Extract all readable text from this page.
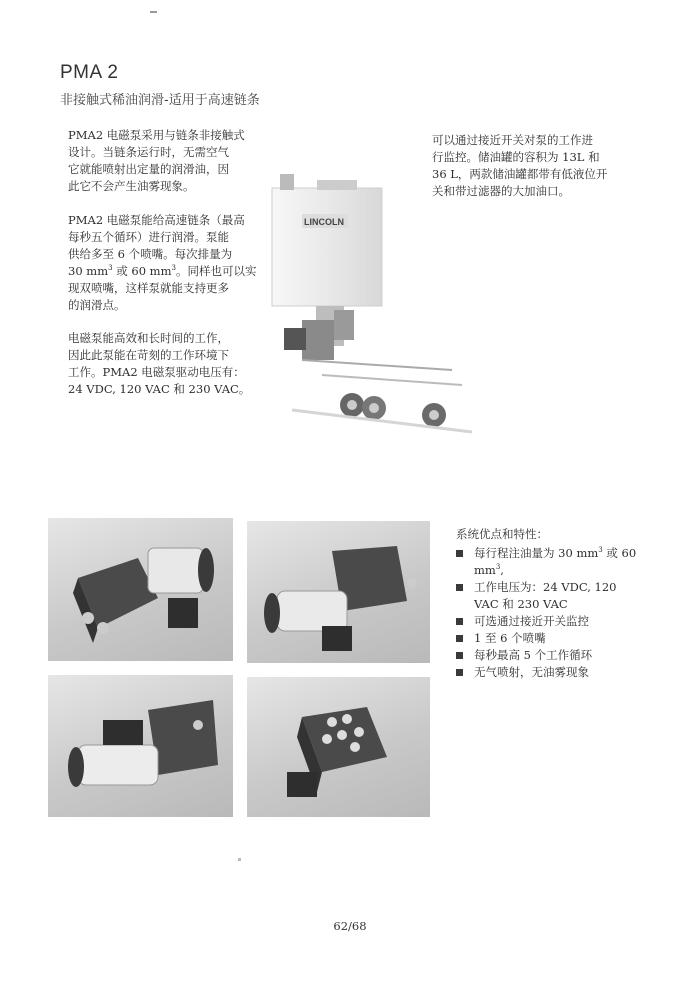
PMA 2
非接触式稀油润滑-适用于高速链条

PMA2 电磁泵采用与链条非接触式
设计。当链条运行时，无需空气
它就能喷射出定量的润滑油，因
此它不会产生油雾现象。

PMA2 电磁泵能给高速链条（最高
每秒五个循环）进行润滑。泵能
供给多至 6 个喷嘴。每次排量为
30 $mm^3$ 或 60 $mm^3$。同样也可以实
现双喷嘴，这样泵就能支持更多
的润滑点。

电磁泵能高效和长时间的工作，
因此此泵能在苛刻的工作环境下
工作。PMA2 电磁泵驱动电压有：
24 VDC, 120 VAC 和 230 VAC。

可以通过接近开关对泵的工作进
行监控。储油罐的容积为 13L 和
36 L，两款储油罐都带有低液位开
关和带过滤器的大加油口。

LINCOLN
系统优点和特性：
每行程注油量为 30 $mm^3$ 或 60
$mm^3$,
工作电压为：24 VDC, 120
VAC 和 230 VAC
可选通过接近开关监控
1 至 6 个喷嘴
每秒最高 5 个工作循环
无气喷射，无油雾现象
62/68
